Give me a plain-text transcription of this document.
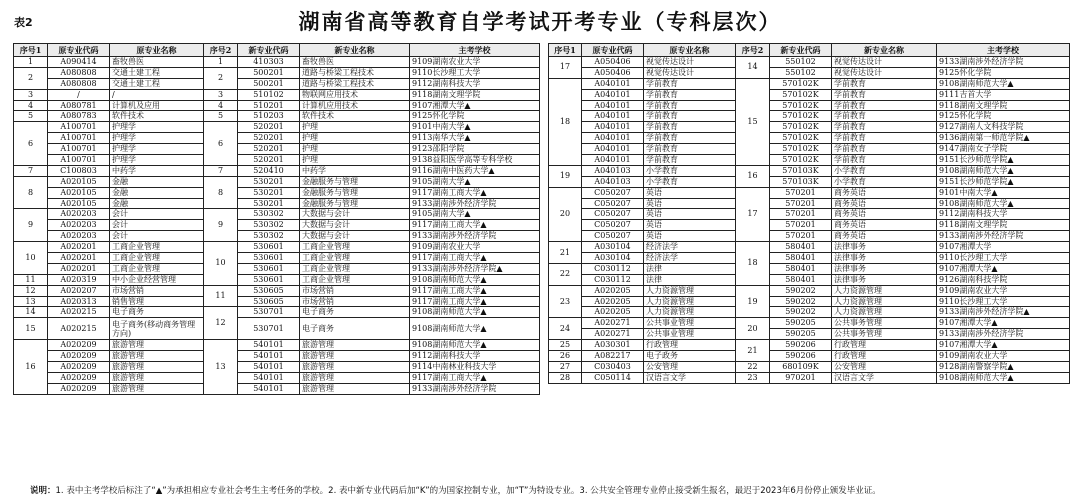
表2	湖南省高等教育自学考试开考专业（专科层次）
序号1	原专业代码	原专业名称	序号2	新专业代码	新专业名称	主考学校
1	A090414	畜牧兽医	1	410303	畜牧兽医	9109湖南农业大学
2	A080808	交通土建工程	2	500201	道路与桥梁工程技术	9110长沙理工大学
	A080808	交通土建工程		500201	道路与桥梁工程技术	9112湖南科技大学
3	/	/	3	510102	物联网应用技术	9118湖南文理学院
4	A080781	计算机及应用	4	510201	计算机应用技术	9107湘潭大学▲
5	A080783	软件技术	5	510203	软件技术	9125怀化学院
6	A100701	护理学	6	520201	护理	9101中南大学▲
	A100701	护理学		520201	护理	9113南华大学▲
	A100701	护理学		520201	护理	9123邵阳学院
	A100701	护理学		520201	护理	9138益阳医学高等专科学校
7	C100803	中药学	7	520410	中药学	9116湖南中医药大学▲
8	A020105	金融	8	530201	金融服务与管理	9105湖南大学▲
	A020105	金融		530201	金融服务与管理	9117湖南工商大学▲
	A020105	金融		530201	金融服务与管理	9133湖南涉外经济学院
9	A020203	会计	9	530302	大数据与会计	9105湖南大学▲
	A020203	会计		530302	大数据与会计	9117湖南工商大学▲
	A020203	会计		530302	大数据与会计	9133湖南涉外经济学院
10	A020201	工商企业管理	10	530601	工商企业管理	9109湖南农业大学
	A020201	工商企业管理		530601	工商企业管理	9117湖南工商大学▲
	A020201	工商企业管理		530601	工商企业管理	9133湖南涉外经济学院▲
11	A020319	中小企业经营管理		530601	工商企业管理	9108湖南师范大学▲
12	A020207	市场营销	11	530605	市场营销	9117湖南工商大学▲
13	A020313	销售管理		530605	市场营销	9117湖南工商大学▲
14	A020215	电子商务	12	530701	电子商务	9108湖南师范大学▲
15	A020215	电子商务(移动商务管理方向)		530701	电子商务	9108湖南师范大学▲
16	A020209	旅游管理	13	540101	旅游管理	9108湖南师范大学▲
	A020209	旅游管理		540101	旅游管理	9112湖南科技大学
	A020209	旅游管理		540101	旅游管理	9114中南林业科技大学
	A020209	旅游管理		540101	旅游管理	9117湖南工商大学▲
	A020209	旅游管理		540101	旅游管理	9133湖南涉外经济学院
序号1	原专业代码	原专业名称	序号2	新专业代码	新专业名称	主考学校
17	A050406	视觉传达设计	14	550102	视觉传达设计	9133湖南涉外经济学院
	A050406	视觉传达设计		550102	视觉传达设计	9125怀化学院
18	A040101	学前教育	15	570102K	学前教育	9108湖南师范大学▲
	A040101	学前教育		570102K	学前教育	9111吉首大学
	A040101	学前教育		570102K	学前教育	9118湖南文理学院
	A040101	学前教育		570102K	学前教育	9125怀化学院
	A040101	学前教育		570102K	学前教育	9127湖南人文科技学院
	A040101	学前教育		570102K	学前教育	9136湖南第一师范学院▲
	A040101	学前教育		570102K	学前教育	9147湖南女子学院
	A040101	学前教育		570102K	学前教育	9151长沙师范学院▲
19	A040103	小学教育	16	570103K	小学教育	9108湖南师范大学▲
	A040103	小学教育		570103K	小学教育	9151长沙师范学院▲
20	C050207	英语	17	570201	商务英语	9101中南大学▲
	C050207	英语		570201	商务英语	9108湖南师范大学▲
	C050207	英语		570201	商务英语	9112湖南科技大学
	C050207	英语		570201	商务英语	9118湖南文理学院
	C050207	英语		570201	商务英语	9133湖南涉外经济学院
21	A030104	经济法学	18	580401	法律事务	9107湘潭大学
	A030104	经济法学		580401	法律事务	9110长沙理工大学
22	C030112	法律		580401	法律事务	9107湘潭大学▲
	C030112	法律		580401	法律事务	9126湖南科技学院
23	A020205	人力资源管理	19	590202	人力资源管理	9109湖南农业大学
	A020205	人力资源管理		590202	人力资源管理	9110长沙理工大学
	A020205	人力资源管理		590202	人力资源管理	9133湖南涉外经济学院▲
24	A020271	公共事业管理	20	590205	公共事务管理	9107湘潭大学▲
	A020271	公共事业管理		590205	公共事务管理	9133湖南涉外经济学院
25	A030301	行政管理	21	590206	行政管理	9107湘潭大学▲
26	A082217	电子政务		590206	行政管理	9109湖南农业大学
27	C030403	公安管理	22	680109K	公安管理	9128湖南警察学院▲
28	C050114	汉语言文学	23	970201	汉语言文学	9108湖南师范大学▲
说明：1. 表中主考学校后标注了“▲”为承担相应专业社会考生主考任务的学校。2. 表中新专业代码后加“K”的为国家控制专业，加“T”为特设专业。3. 公共安全管理专业停止接受新生报名，最迟于2023年6月份停止颁发毕业证。
